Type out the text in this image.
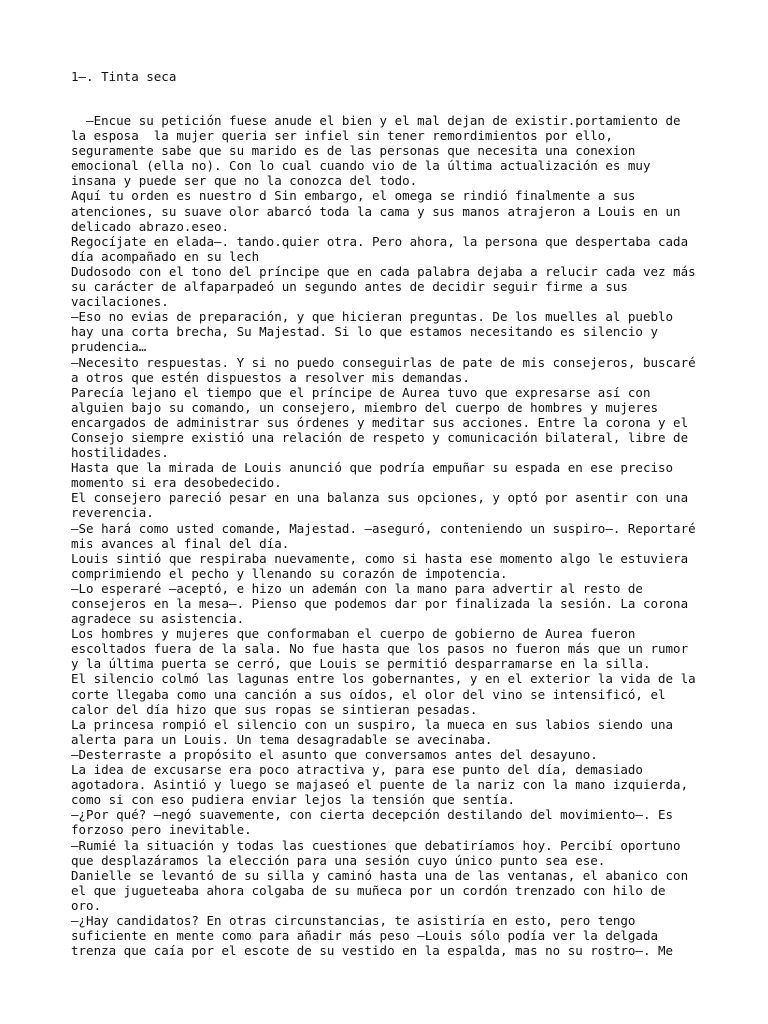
1—. Tinta seca
—Encue su petición fuese anude el bien y el mal dejan de existir.portamiento de
la esposa  la mujer queria ser infiel sin tener remordimientos por ello,
seguramente sabe que su marido es de las personas que necesita una conexion
emocional (ella no). Con lo cual cuando vio de la última actualización es muy
insana y puede ser que no la conozca del todo.
Aquí tu orden es nuestro d Sin embargo, el omega se rindió finalmente a sus
atenciones, su suave olor abarcó toda la cama y sus manos atrajeron a Louis en un
delicado abrazo.eseo.
Regocíjate en elada—. tando.quier otra. Pero ahora, la persona que despertaba cada
día acompañado en su lech
Dudosodo con el tono del príncipe que en cada palabra dejaba a relucir cada vez más
su carácter de alfaparpadeó un segundo antes de decidir seguir firme a sus
vacilaciones.
—Eso no evias de preparación, y que hicieran preguntas. De los muelles al pueblo
hay una corta brecha, Su Majestad. Si lo que estamos necesitando es silencio y
prudencia…
—Necesito respuestas. Y si no puedo conseguirlas de pate de mis consejeros, buscaré
a otros que estén dispuestos a resolver mis demandas.
Parecía lejano el tiempo que el príncipe de Aurea tuvo que expresarse así con
alguien bajo su comando, un consejero, miembro del cuerpo de hombres y mujeres
encargados de administrar sus órdenes y meditar sus acciones. Entre la corona y el
Consejo siempre existió una relación de respeto y comunicación bilateral, libre de
hostilidades.
Hasta que la mirada de Louis anunció que podría empuñar su espada en ese preciso
momento si era desobedecido.
El consejero pareció pesar en una balanza sus opciones, y optó por asentir con una
reverencia.
—Se hará como usted comande, Majestad. —aseguró, conteniendo un suspiro—. Reportaré
mis avances al final del día.
Louis sintió que respiraba nuevamente, como si hasta ese momento algo le estuviera
comprimiendo el pecho y llenando su corazón de impotencia.
—Lo esperaré —aceptó, e hizo un ademán con la mano para advertir al resto de
consejeros en la mesa—. Pienso que podemos dar por finalizada la sesión. La corona
agradece su asistencia.
Los hombres y mujeres que conformaban el cuerpo de gobierno de Aurea fueron
escoltados fuera de la sala. No fue hasta que los pasos no fueron más que un rumor
y la última puerta se cerró, que Louis se permitió desparramarse en la silla.
El silencio colmó las lagunas entre los gobernantes, y en el exterior la vida de la
corte llegaba como una canción a sus oídos, el olor del vino se intensificó, el
calor del día hizo que sus ropas se sintieran pesadas.
La princesa rompió el silencio con un suspiro, la mueca en sus labios siendo una
alerta para un Louis. Un tema desagradable se avecinaba.
—Desterraste a propósito el asunto que conversamos antes del desayuno.
La idea de excusarse era poco atractiva y, para ese punto del día, demasiado
agotadora. Asintió y luego se majaseó el puente de la nariz con la mano izquierda,
como si con eso pudiera enviar lejos la tensión que sentía.
—¿Por qué? —negó suavemente, con cierta decepción destilando del movimiento—. Es
forzoso pero inevitable.
—Rumié la situación y todas las cuestiones que debatiríamos hoy. Percibí oportuno
que desplazáramos la elección para una sesión cuyo único punto sea ese.
Danielle se levantó de su silla y caminó hasta una de las ventanas, el abanico con
el que jugueteaba ahora colgaba de su muñeca por un cordón trenzado con hilo de
oro.
—¿Hay candidatos? En otras circunstancias, te asistiría en esto, pero tengo
suficiente en mente como para añadir más peso —Louis sólo podía ver la delgada
trenza que caía por el escote de su vestido en la espalda, mas no su rostro—. Me
